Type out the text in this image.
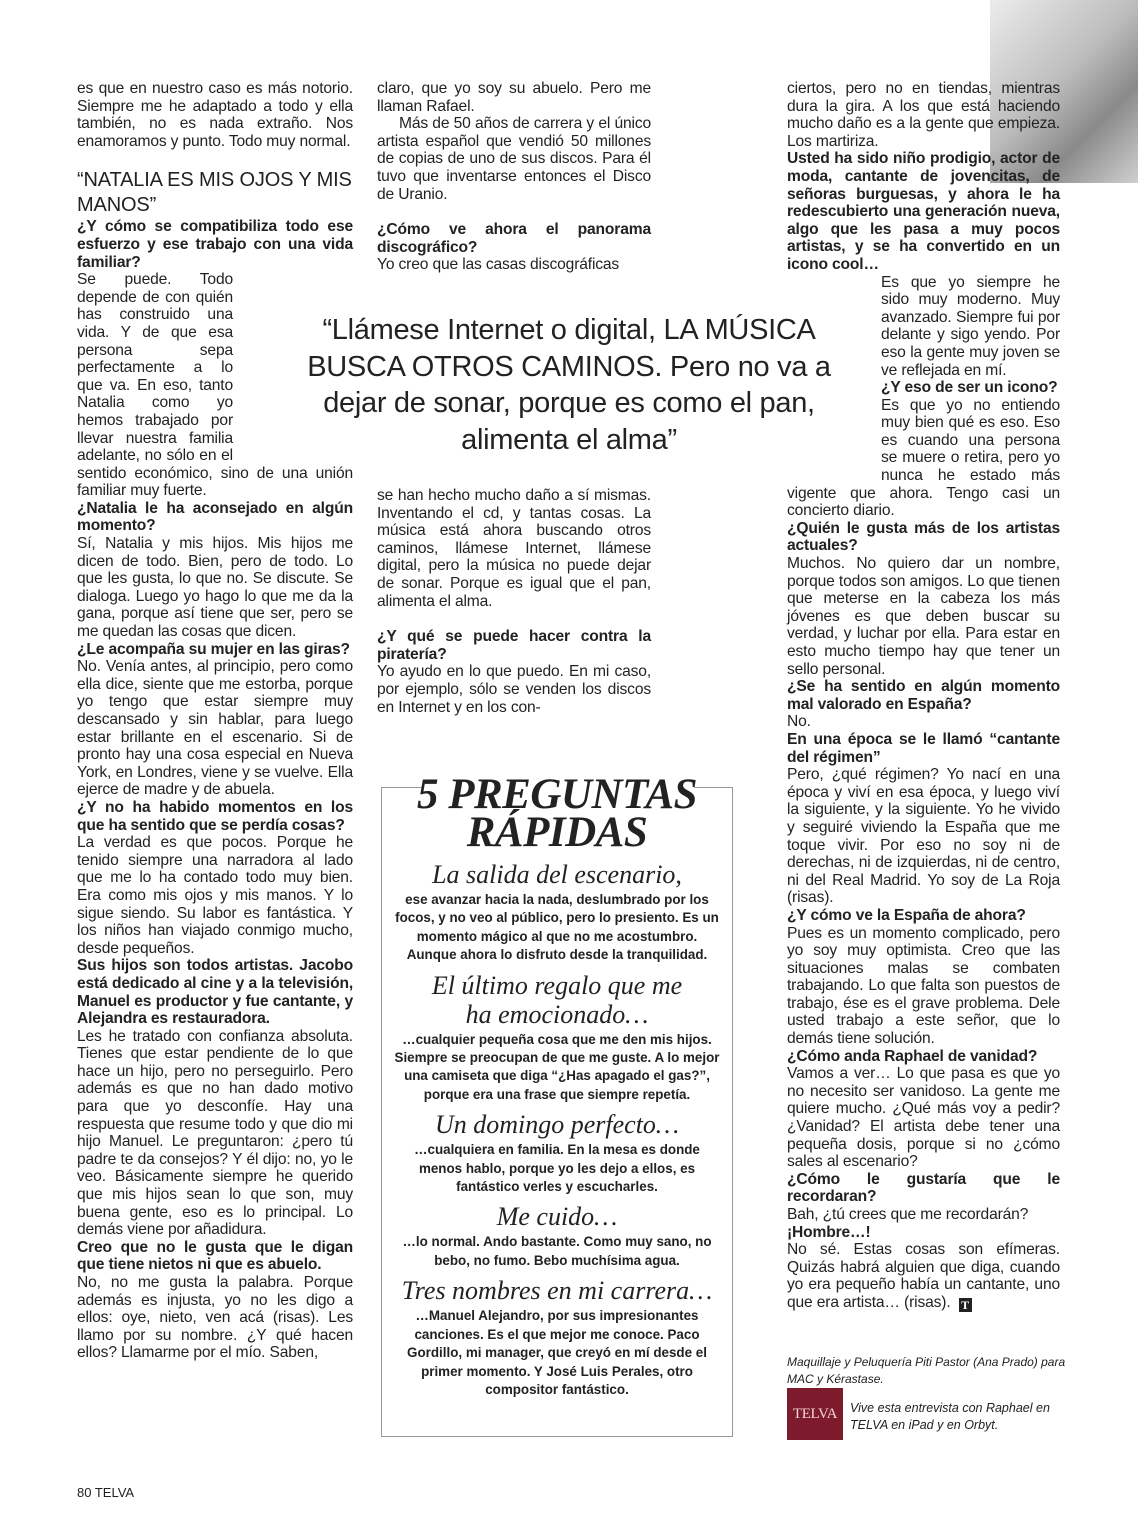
es que en nuestro caso es más notorio. Siempre me he adaptado a todo y ella también, no es nada extraño. Nos enamoramos y punto. Todo muy normal.

“NATALIA ES MIS OJOS Y MIS MANOS”

¿Y cómo se compatibiliza todo ese esfuerzo y ese trabajo con una vida familiar?

Se puede. Todo depende de con quién has construido una vida. Y de que esa persona sepa perfectamente a lo que va. En eso, tanto Natalia como yo hemos trabajado por llevar nuestra familia adelante, no sólo en el sentido económico, sino de una unión familiar muy fuerte.

¿Natalia le ha aconsejado en algún momento?

Sí, Natalia y mis hijos. Mis hijos me dicen de todo. Bien, pero de todo. Lo que les gusta, lo que no. Se discute. Se dialoga. Luego yo hago lo que me da la gana, porque así tiene que ser, pero se me quedan las cosas que dicen.

¿Le acompaña su mujer en las giras?

No. Venía antes, al principio, pero como ella dice, siente que me estorba, porque yo tengo que estar siempre muy descansado y sin hablar, para luego estar brillante en el escenario. Si de pronto hay una cosa especial en Nueva York, en Londres, viene y se vuelve. Ella ejerce de madre y de abuela.

¿Y no ha habido momentos en los que ha sentido que se perdía cosas?

La verdad es que pocos. Porque he tenido siempre una narradora al lado que me lo ha contado todo muy bien. Era como mis ojos y mis manos. Y lo sigue siendo. Su labor es fantástica. Y los niños han viajado conmigo mucho, desde pequeños.

Sus hijos son todos artistas. Jacobo está dedicado al cine y a la televisión, Manuel es productor y fue cantante, y Alejandra es restauradora.

Les he tratado con confianza absoluta. Tienes que estar pendiente de lo que hace un hijo, pero no perseguirlo. Pero además es que no han dado motivo para que yo desconfíe. Hay una respuesta que resume todo y que dio mi hijo Manuel. Le preguntaron: ¿pero tú padre te da consejos? Y él dijo: no, yo le veo. Básicamente siempre he querido que mis hijos sean lo que son, muy buena gente, eso es lo principal. Lo demás viene por añadidura.

Creo que no le gusta que le digan que tiene nietos ni que es abuelo.

No, no me gusta la palabra. Porque además es injusta, yo no les digo a ellos: oye, nieto, ven acá (risas). Les llamo por su nombre. ¿Y qué hacen ellos? Llamarme por el mío. Saben,

claro, que yo soy su abuelo. Pero me llaman Rafael.

Más de 50 años de carrera y el único artista español que vendió 50 millones de copias de uno de sus discos. Para él tuvo que inventarse entonces el Disco de Uranio.

¿Cómo ve ahora el panorama discográfico?

Yo creo que las casas discográficas

se han hecho mucho daño a sí mismas. Inventando el cd, y tantas cosas. La música está ahora buscando otros caminos, llámese Internet, llámese digital, pero la música no puede dejar de sonar. Porque es igual que el pan, alimenta el alma.

¿Y qué se puede hacer contra la piratería?

Yo ayudo en lo que puedo. En mi caso, por ejemplo, sólo se venden los discos en Internet y en los con-

ciertos, pero no en tiendas, mientras dura la gira. A los que está haciendo mucho daño es a la gente que empieza. Los martiriza.

Usted ha sido niño prodigio, actor de moda, cantante de jovencitas, de señoras burguesas, y ahora le ha redescubierto una generación nueva, algo que les pasa a muy pocos artistas, y se ha convertido en un icono cool…

Es que yo siempre he sido muy moderno. Muy avanzado. Siempre fui por delante y sigo yendo. Por eso la gente muy joven se ve reflejada en mí.

¿Y eso de ser un icono?

Es que yo no entiendo muy bien qué es eso. Eso es cuando una persona se muere o retira, pero yo nunca he estado más vigente que ahora. Tengo casi un concierto diario.

¿Quién le gusta más de los artistas actuales?

Muchos. No quiero dar un nombre, porque todos son amigos. Lo que tienen que meterse en la cabeza los más jóvenes es que deben buscar su verdad, y luchar por ella. Para estar en esto mucho tiempo hay que tener un sello personal.

¿Se ha sentido en algún momento mal valorado en España?

No.

En una época se le llamó “cantante del régimen”

Pero, ¿qué régimen? Yo nací en una época y viví en esa época, y luego viví la siguiente, y la siguiente. Yo he vivido y seguiré viviendo la España que me toque vivir. Por eso no soy ni de derechas, ni de izquierdas, ni de centro, ni del Real Madrid. Yo soy de La Roja (risas).

¿Y cómo ve la España de ahora?

Pues es un momento complicado, pero yo soy muy optimista. Creo que las situaciones malas se combaten trabajando. Lo que falta son puestos de trabajo, ése es el grave problema. Dele usted trabajo a este señor, que lo demás tiene solución.

¿Cómo anda Raphael de vanidad?

Vamos a ver… Lo que pasa es que yo no necesito ser vanidoso. La gente me quiere mucho. ¿Qué más voy a pedir? ¿Vanidad? El artista debe tener una pequeña dosis, porque si no ¿cómo sales al escenario?

¿Cómo le gustaría que le recordaran?

Bah, ¿tú crees que me recordarán?

¡Hombre…!

No sé. Estas cosas son efímeras. Quizás habrá alguien que diga, cuando yo era pequeño había un cantante, uno que era artista… (risas). T

“Llámese Internet o digital, LA MÚSICA BUSCA OTROS CAMINOS. Pero no va a dejar de sonar, porque es como el pan, alimenta el alma”
5 PREGUNTAS
RÁPIDAS

La salida del escenario,

ese avanzar hacia la nada, deslumbrado por los focos, y no veo al público, pero lo presiento. Es un momento mágico al que no me acostumbro. Aunque ahora lo disfruto desde la tranquilidad.

El último regalo que me ha emocionado…

…cualquier pequeña cosa que me den mis hijos. Siempre se preocupan de que me guste. A lo mejor una camiseta que diga “¿Has apagado el gas?”, porque era una frase que siempre repetía.

Un domingo perfecto…

…cualquiera en familia. En la mesa es donde menos hablo, porque yo les dejo a ellos, es fantástico verles y escucharles.

Me cuido…

…lo normal. Ando bastante. Como muy sano, no bebo, no fumo. Bebo muchísima agua.

Tres nombres en mi carrera…

…Manuel Alejandro, por sus impresionantes canciones. Es el que mejor me conoce. Paco Gordillo, mi manager, que creyó en mí desde el primer momento. Y José Luis Perales, otro compositor fantástico.

Maquillaje y Peluquería Piti Pastor (Ana Prado) para MAC y Kérastase.
TELVA	Vive esta entrevista con Raphael en TELVA en iPad y en Orbyt.
80 TELVA
